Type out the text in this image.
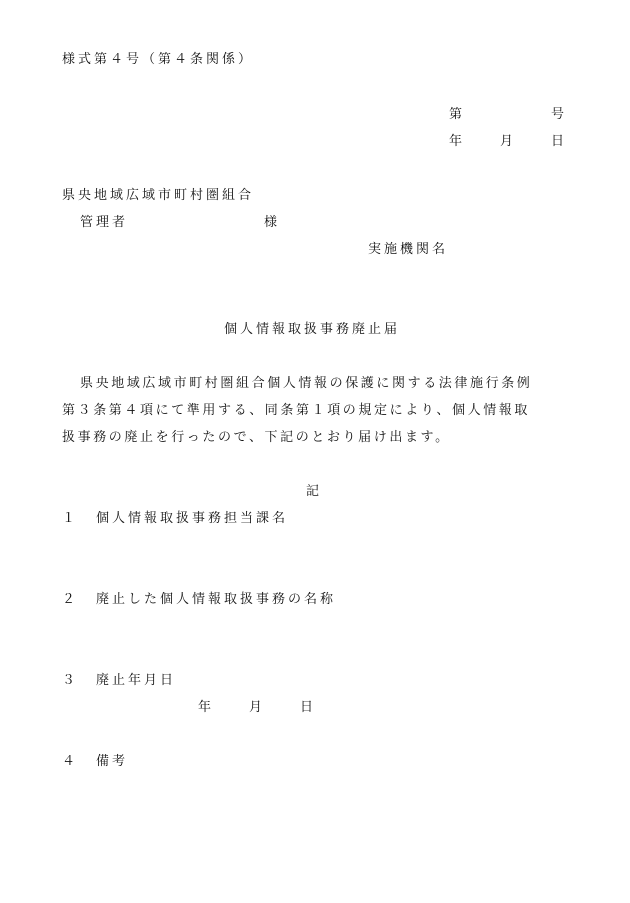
様式第４号（第４条関係）
第	号
年	月	日
県央地域広域市町村圏組合
管理者	様
実施機関名
個人情報取扱事務廃止届
県央地域広域市町村圏組合個人情報の保護に関する法律施行条例
第３条第４項にて準用する、同条第１項の規定により、個人情報取
扱事務の廃止を行ったので、下記のとおり届け出ます。
記
１ 個人情報取扱事務担当課名
２ 廃止した個人情報取扱事務の名称
３ 廃止年月日
年	月	日
４ 備考
